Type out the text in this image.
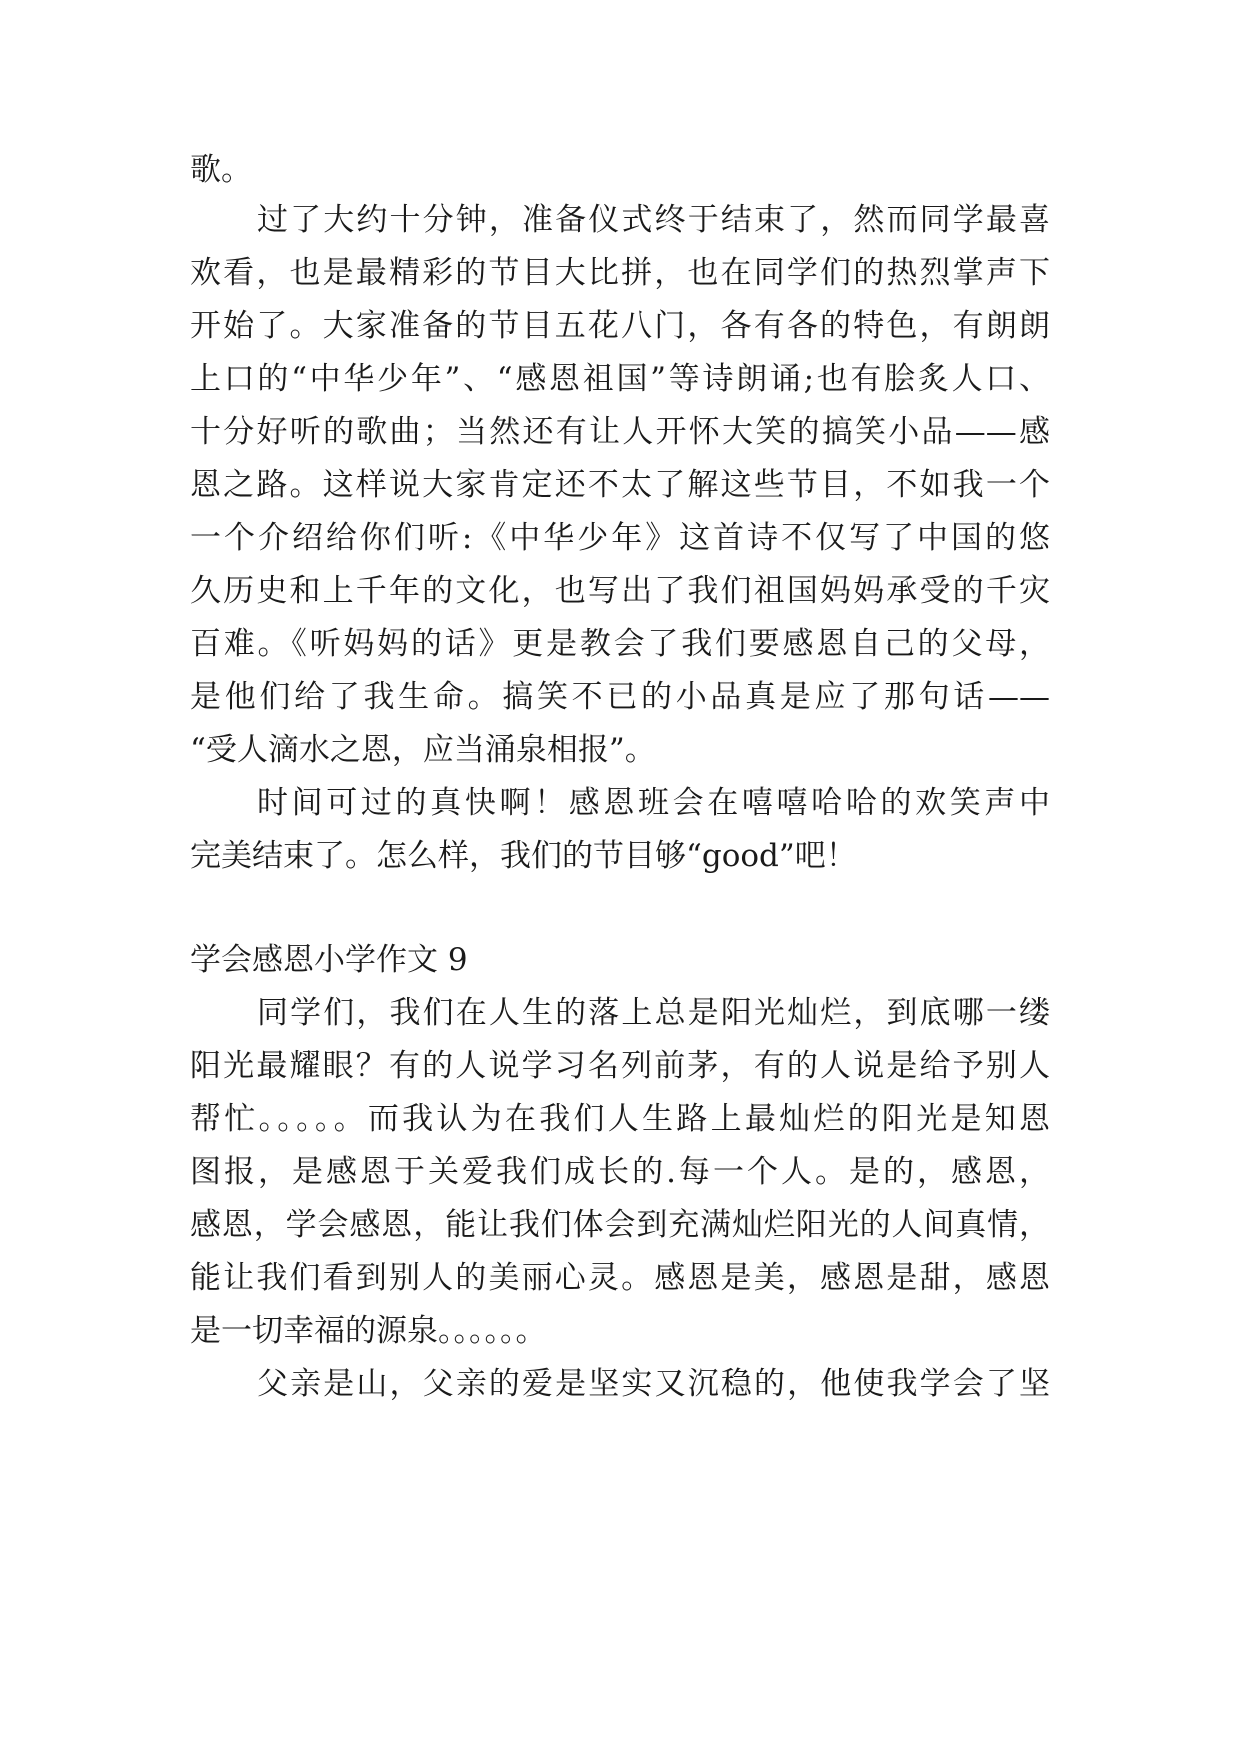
歌。
过了大约十分钟，准备仪式终于结束了，然而同学最喜
欢看，也是最精彩的节目大比拼，也在同学们的热烈掌声下
开始了。大家准备的节目五花八门，各有各的特色，有朗朗
上口的“中华少年”、“感恩祖国”等诗朗诵;也有脍炙人口、
十分好听的歌曲；当然还有让人开怀大笑的搞笑小品——感
恩之路。这样说大家肯定还不太了解这些节目，不如我一个
一个介绍给你们听:《中华少年》这首诗不仅写了中国的悠
久历史和上千年的文化，也写出了我们祖国妈妈承受的千灾
百难。《听妈妈的话》更是教会了我们要感恩自己的父母，
是他们给了我生命。搞笑不已的小品真是应了那句话——
“受人滴水之恩，应当涌泉相报”。
时间可过的真快啊！感恩班会在嘻嘻哈哈的欢笑声中
完美结束了。怎么样，我们的节目够“good”吧！
学会感恩小学作文 9
同学们，我们在人生的落上总是阳光灿烂，到底哪一缕
阳光最耀眼？有的人说学习名列前茅，有的人说是给予别人
帮忙。。。。。而我认为在我们人生路上最灿烂的阳光是知恩
图报，是感恩于关爱我们成长的.每一个人。是的，感恩，
感恩，学会感恩，能让我们体会到充满灿烂阳光的人间真情，
能让我们看到别人的美丽心灵。感恩是美，感恩是甜，感恩
是一切幸福的源泉。。。。。。
父亲是山，父亲的爱是坚实又沉稳的，他使我学会了坚
